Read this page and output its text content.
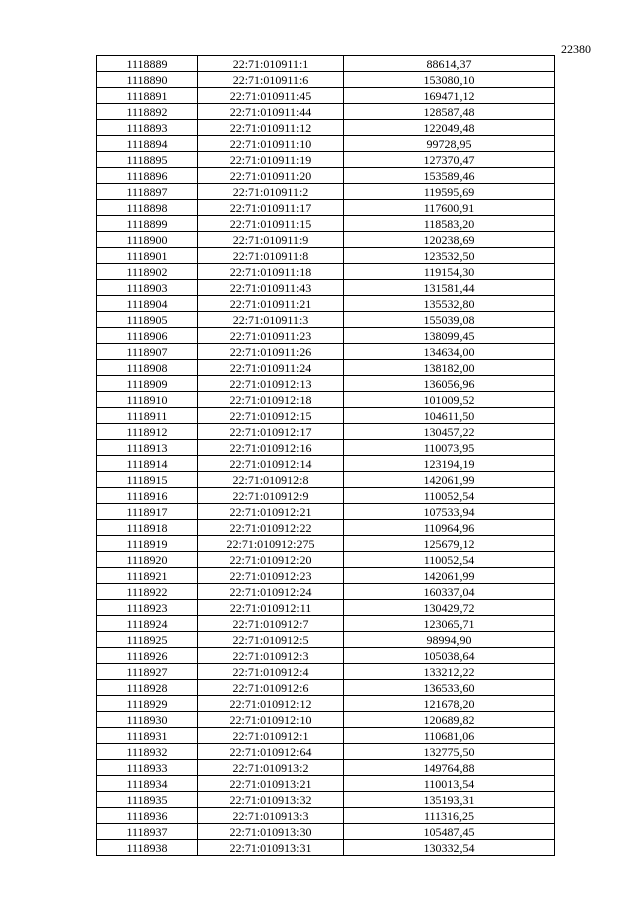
22380
1118889	22:71:010911:1	88614,37
1118890	22:71:010911:6	153080,10
1118891	22:71:010911:45	169471,12
1118892	22:71:010911:44	128587,48
1118893	22:71:010911:12	122049,48
1118894	22:71:010911:10	99728,95
1118895	22:71:010911:19	127370,47
1118896	22:71:010911:20	153589,46
1118897	22:71:010911:2	119595,69
1118898	22:71:010911:17	117600,91
1118899	22:71:010911:15	118583,20
1118900	22:71:010911:9	120238,69
1118901	22:71:010911:8	123532,50
1118902	22:71:010911:18	119154,30
1118903	22:71:010911:43	131581,44
1118904	22:71:010911:21	135532,80
1118905	22:71:010911:3	155039,08
1118906	22:71:010911:23	138099,45
1118907	22:71:010911:26	134634,00
1118908	22:71:010911:24	138182,00
1118909	22:71:010912:13	136056,96
1118910	22:71:010912:18	101009,52
1118911	22:71:010912:15	104611,50
1118912	22:71:010912:17	130457,22
1118913	22:71:010912:16	110073,95
1118914	22:71:010912:14	123194,19
1118915	22:71:010912:8	142061,99
1118916	22:71:010912:9	110052,54
1118917	22:71:010912:21	107533,94
1118918	22:71:010912:22	110964,96
1118919	22:71:010912:275	125679,12
1118920	22:71:010912:20	110052,54
1118921	22:71:010912:23	142061,99
1118922	22:71:010912:24	160337,04
1118923	22:71:010912:11	130429,72
1118924	22:71:010912:7	123065,71
1118925	22:71:010912:5	98994,90
1118926	22:71:010912:3	105038,64
1118927	22:71:010912:4	133212,22
1118928	22:71:010912:6	136533,60
1118929	22:71:010912:12	121678,20
1118930	22:71:010912:10	120689,82
1118931	22:71:010912:1	110681,06
1118932	22:71:010912:64	132775,50
1118933	22:71:010913:2	149764,88
1118934	22:71:010913:21	110013,54
1118935	22:71:010913:32	135193,31
1118936	22:71:010913:3	111316,25
1118937	22:71:010913:30	105487,45
1118938	22:71:010913:31	130332,54
